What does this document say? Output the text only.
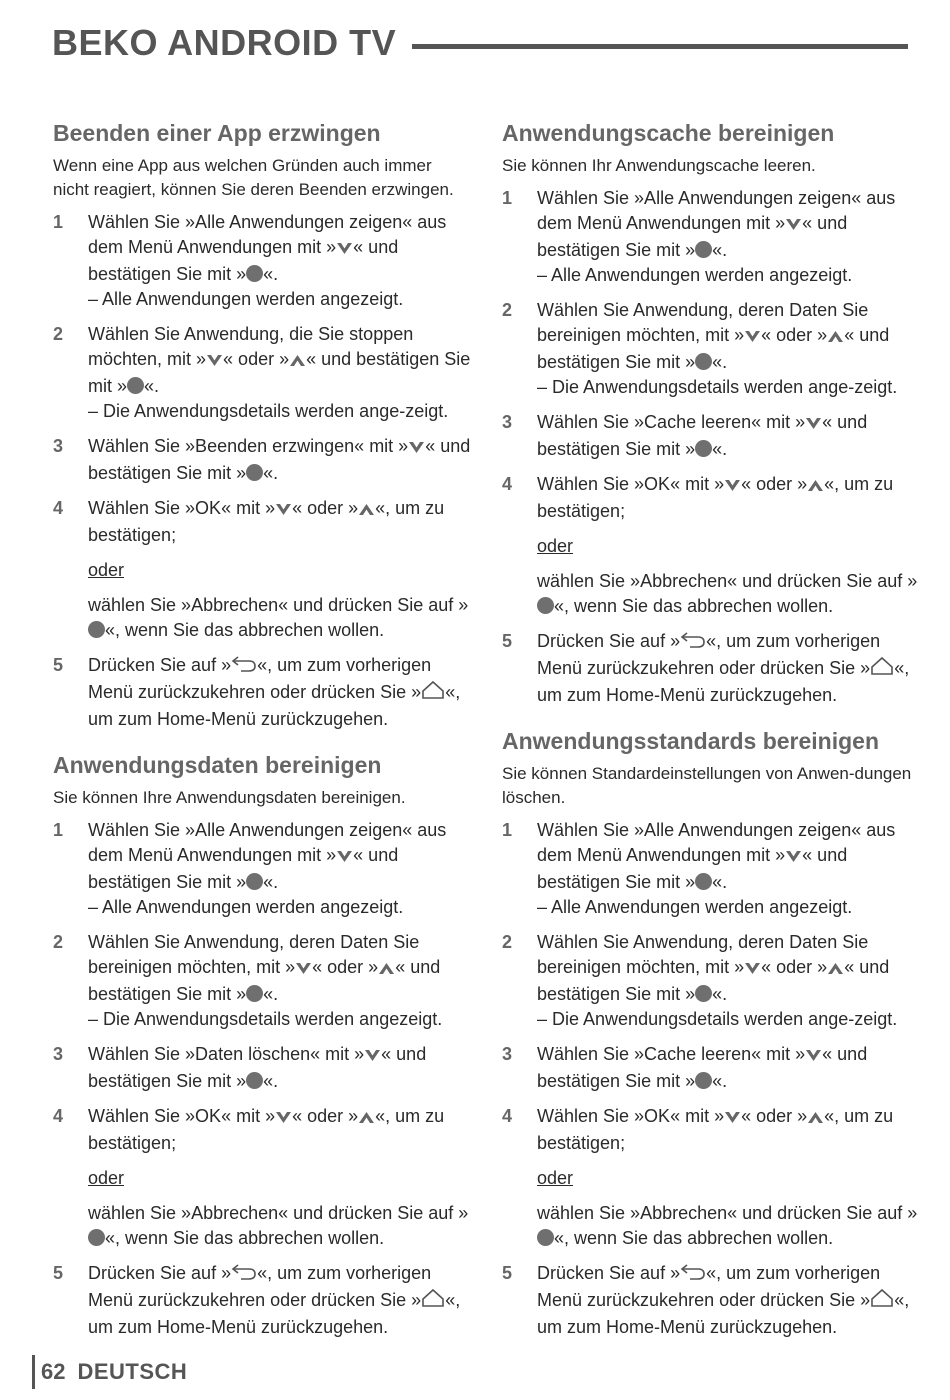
BEKO ANDROID TV
Beenden einer App erzwingen

Wenn eine App aus welchen Gründen auch immer nicht reagiert, können Sie deren Beenden erzwingen.

1 Wählen Sie »Alle Anwendungen zeigen« aus dem Menü Anwendungen mit » « und bestätigen Sie mit » «.
– Alle Anwendungen werden angezeigt.
2 Wählen Sie Anwendung, die Sie stoppen möchten, mit » « oder » « und bestätigen Sie mit » «.
– Die Anwendungsdetails werden ange-zeigt.
3 Wählen Sie »Beenden erzwingen« mit » « und bestätigen Sie mit » «.
4 Wählen Sie »OK« mit » « oder » «, um zu bestätigen;
oder
wählen Sie »Abbrechen« und drücken Sie auf »«, wenn Sie das abbrechen wollen.
5 Drücken Sie auf » «, um zum vorherigen Menü zurückzukehren oder drücken Sie » «, um zum Home-Menü zurückzugehen.
Anwendungsdaten bereinigen

Sie können Ihre Anwendungsdaten bereinigen.

1 Wählen Sie »Alle Anwendungen zeigen« aus dem Menü Anwendungen mit » « und bestätigen Sie mit » «.
– Alle Anwendungen werden angezeigt.
2 Wählen Sie Anwendung, deren Daten Sie bereinigen möchten, mit » « oder » « und bestätigen Sie mit » «.
– Die Anwendungsdetails werden angezeigt.
3 Wählen Sie »Daten löschen« mit » « und bestätigen Sie mit » «.
4 Wählen Sie »OK« mit » « oder » «, um zu bestätigen;
oder
wählen Sie »Abbrechen« und drücken Sie auf »«, wenn Sie das abbrechen wollen.
5 Drücken Sie auf » «, um zum vorherigen Menü zurückzukehren oder drücken Sie » «, um zum Home-Menü zurückzugehen.
Anwendungscache bereinigen

Sie können Ihr Anwendungscache leeren.

1 Wählen Sie »Alle Anwendungen zeigen« aus dem Menü Anwendungen mit » « und bestätigen Sie mit » «.
– Alle Anwendungen werden angezeigt.
2 Wählen Sie Anwendung, deren Daten Sie bereinigen möchten, mit » « oder » « und bestätigen Sie mit » «.
– Die Anwendungsdetails werden ange-zeigt.
3 Wählen Sie »Cache leeren« mit » « und bestätigen Sie mit » «.
4 Wählen Sie »OK« mit » « oder » «, um zu bestätigen;
oder
wählen Sie »Abbrechen« und drücken Sie auf »«, wenn Sie das abbrechen wollen.
5 Drücken Sie auf » «, um zum vorherigen Menü zurückzukehren oder drücken Sie » «, um zum Home-Menü zurückzugehen.
Anwendungsstandards bereinigen

Sie können Standardeinstellungen von Anwen-dungen löschen.

1 Wählen Sie »Alle Anwendungen zeigen« aus dem Menü Anwendungen mit » « und bestätigen Sie mit » «.
– Alle Anwendungen werden angezeigt.
2 Wählen Sie Anwendung, deren Daten Sie bereinigen möchten, mit » « oder » « und bestätigen Sie mit » «.
– Die Anwendungsdetails werden ange-zeigt.
3 Wählen Sie »Cache leeren« mit » « und bestätigen Sie mit » «.
4 Wählen Sie »OK« mit » « oder » «, um zu bestätigen;
oder
wählen Sie »Abbrechen« und drücken Sie auf »«, wenn Sie das abbrechen wollen.
5 Drücken Sie auf » «, um zum vorherigen Menü zurückzukehren oder drücken Sie » «, um zum Home-Menü zurückzugehen.
62 DEUTSCH
